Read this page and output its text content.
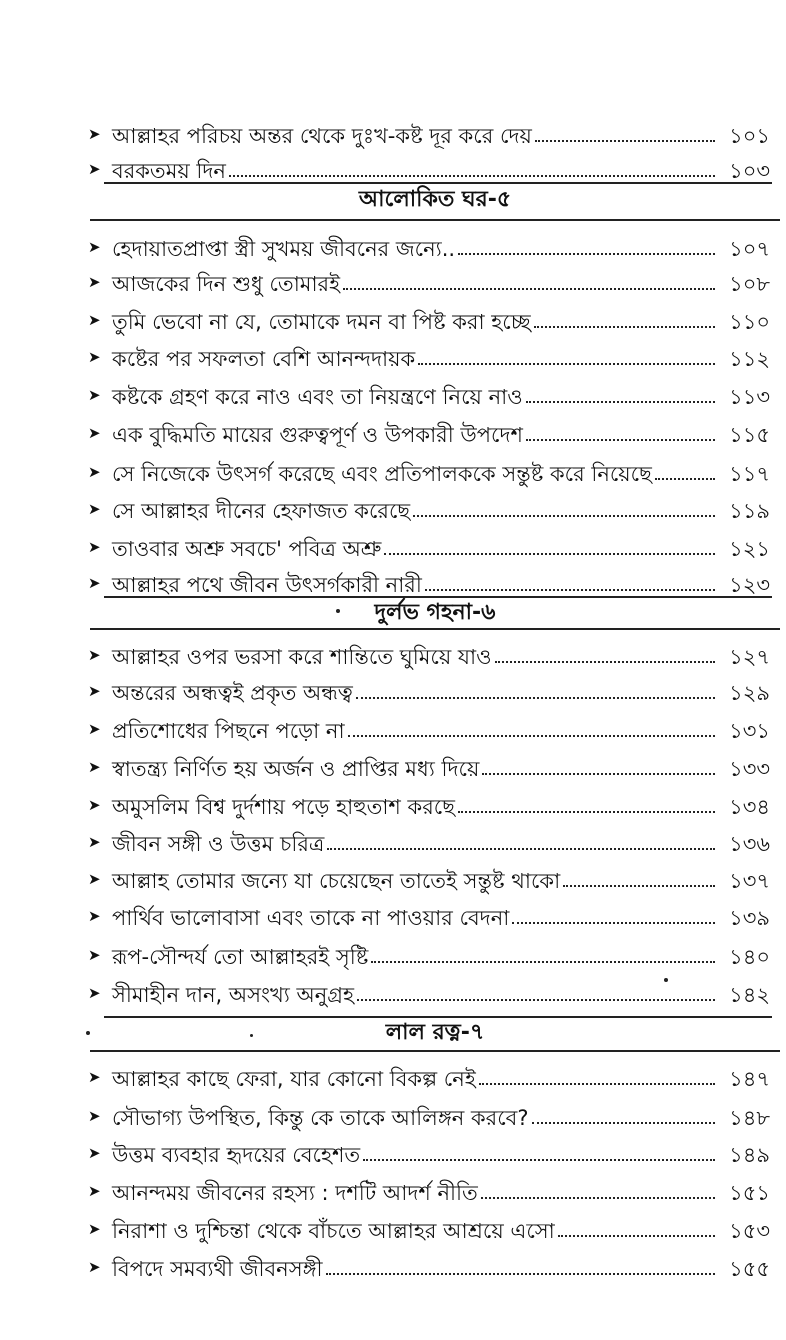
➤ আল্লাহর পরিচয় অন্তর থেকে দুঃখ-কষ্ট দূর করে দেয়	১০১
➤ বরকতময় দিন	১০৩
আলোকিত ঘর-৫
➤ হেদায়াতপ্রাপ্তা স্ত্রী সুখময় জীবনের জন্যে..	১০৭
➤ আজকের দিন শুধু তোমারই	১০৮
➤ তুমি ভেবো না যে, তোমাকে দমন বা পিষ্ট করা হচ্ছে	১১০
➤ কষ্টের পর সফলতা বেশি আনন্দদায়ক	১১২
➤ কষ্টকে গ্রহণ করে নাও এবং তা নিয়ন্ত্রণে নিয়ে নাও	১১৩
➤ এক বুদ্ধিমতি মায়ের গুরুত্বপূর্ণ ও উপকারী উপদেশ	১১৫
➤ সে নিজেকে উৎসর্গ করেছে এবং প্রতিপালককে সন্তুষ্ট করে নিয়েছে	১১৭
➤ সে আল্লাহর দীনের হেফাজত করেছে	১১৯
➤ তাওবার অশ্রু সবচে' পবিত্র অশ্রু	১২১
➤ আল্লাহর পথে জীবন উৎসর্গকারী নারী	১২৩
দুর্লভ গহনা-৬
➤ আল্লাহর ওপর ভরসা করে শান্তিতে ঘুমিয়ে যাও	১২৭
➤ অন্তরের অন্ধত্বই প্রকৃত অন্ধত্ব	১২৯
➤ প্রতিশোধের পিছনে পড়ো না	১৩১
➤ স্বাতন্ত্র্য নির্ণিত হয় অর্জন ও প্রাপ্তির মধ্য দিয়ে	১৩৩
➤ অমুসলিম বিশ্ব দুর্দশায় পড়ে হাহুতাশ করছে	১৩৪
➤ জীবন সঙ্গী ও উত্তম চরিত্র	১৩৬
➤ আল্লাহ তোমার জন্যে যা চেয়েছেন তাতেই সন্তুষ্ট থাকো	১৩৭
➤ পার্থিব ভালোবাসা এবং তাকে না পাওয়ার বেদনা	১৩৯
➤ রূপ-সৌন্দর্য তো আল্লাহরই সৃষ্টি	১৪০
➤ সীমাহীন দান, অসংখ্য অনুগ্রহ	১৪২
লাল রত্ন-৭
➤ আল্লাহর কাছে ফেরা, যার কোনো বিকল্প নেই	১৪৭
➤ সৌভাগ্য উপস্থিত, কিন্তু কে তাকে আলিঙ্গন করবে?	১৪৮
➤ উত্তম ব্যবহার হৃদয়ের বেহেশত	১৪৯
➤ আনন্দময় জীবনের রহস্য : দশটি আদর্শ নীতি	১৫১
➤ নিরাশা ও দুশ্চিন্তা থেকে বাঁচতে আল্লাহর আশ্রয়ে এসো	১৫৩
➤ বিপদে সমব্যথী জীবনসঙ্গী	১৫৫
